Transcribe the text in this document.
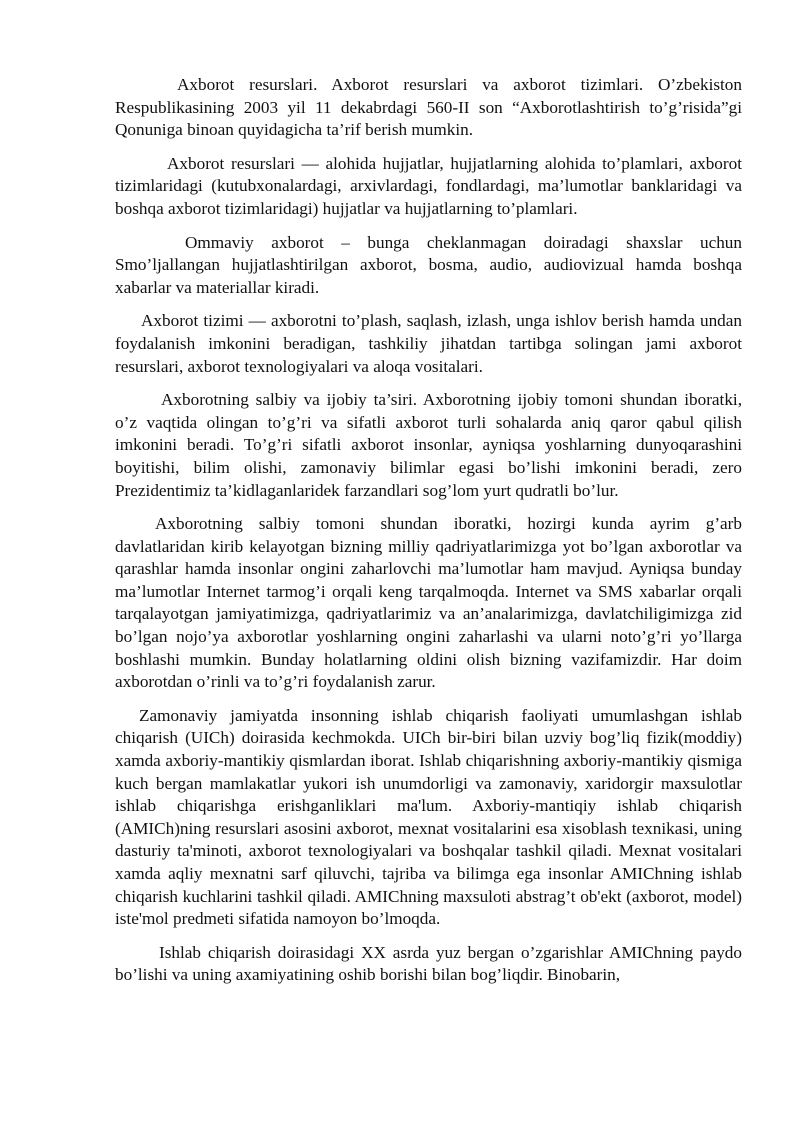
Axborot resurslari. Axborot resurslari va axborot tizimlari. O’zbekiston Respublikasining 2003 yil 11 dekabrdagi 560-II son “Axborotlashtirish to’g’risida”gi Qonuniga binoan quyidagicha ta’rif berish mumkin.

Axborot resurslari — alohida hujjatlar, hujjatlarning alohida to’plamlari, axborot tizimlaridagi (kutubxonalardagi, arxivlardagi, fondlardagi, ma’lumotlar banklaridagi va boshqa axborot tizimlaridagi) hujjatlar va hujjatlarning to’plamlari.

Ommaviy axborot – bunga cheklanmagan doiradagi shaxslar uchun Smo’ljallangan hujjatlashtirilgan axborot, bosma, audio, audiovizual hamda boshqa xabarlar va materiallar kiradi.

Axborot tizimi — axborotni to’plash, saqlash, izlash, unga ishlov berish hamda undan foydalanish imkonini beradigan, tashkiliy jihatdan tartibga solingan jami axborot resurslari, axborot texnologiyalari va aloqa vositalari.

Axborotning salbiy va ijobiy ta’siri. Axborotning ijobiy tomoni shundan iboratki, o’z vaqtida olingan to’g’ri va sifatli axborot turli sohalarda aniq qaror qabul qilish imkonini beradi. To’g’ri sifatli axborot insonlar, ayniqsa yoshlarning dunyoqarashini boyitishi, bilim olishi, zamonaviy bilimlar egasi bo’lishi imkonini beradi, zero Prezidentimiz ta’kidlaganlaridek farzandlari sog’lom yurt qudratli bo’lur.

Axborotning salbiy tomoni shundan iboratki, hozirgi kunda ayrim g’arb davlatlaridan kirib kelayotgan bizning milliy qadriyatlarimizga yot bo’lgan axborotlar va qarashlar hamda insonlar ongini zaharlovchi ma’lumotlar ham mavjud. Ayniqsa bunday ma’lumotlar Internet tarmog’i orqali keng tarqalmoqda. Internet va SMS xabarlar orqali tarqalayotgan jamiyatimizga, qadriyatlarimiz va an’analarimizga, davlatchiligimizga zid bo’lgan nojo’ya axborotlar yoshlarning ongini zaharlashi va ularni noto’g’ri yo’llarga boshlashi mumkin. Bunday holatlarning oldini olish bizning vazifamizdir. Har doim axborotdan o’rinli va to’g’ri foydalanish zarur.

Zamonaviy jamiyatda insonning ishlab chiqarish faoliyati umumlashgan ishlab chiqarish (UICh) doirasida kechmokda. UICh bir-biri bilan uzviy bog’liq fizik(moddiy) xamda axboriy-mantikiy qismlardan iborat. Ishlab chiqarishning axboriy-mantikiy qismiga kuch bergan mamlakatlar yukori ish unumdorligi va zamonaviy, xaridorgir maxsulotlar ishlab chiqarishga erishganliklari ma'lum. Axboriy-mantiqiy ishlab chiqarish (AMICh)ning resurslari asosini axborot, mexnat vositalarini esa xisoblash texnikasi, uning dasturiy ta'minoti, axborot texnologiyalari va boshqalar tashkil qiladi. Mexnat vositalari xamda aqliy mexnatni sarf qiluvchi, tajriba va bilimga ega insonlar AMIChning ishlab chiqarish kuchlarini tashkil qiladi. AMIChning maxsuloti abstrag’t ob'ekt (axborot, model) iste'mol predmeti sifatida namoyon bo’lmoqda.

Ishlab chiqarish doirasidagi XX asrda yuz bergan o’zgarishlar AMIChning paydo bo’lishi va uning axamiyatining oshib borishi bilan bog’liqdir. Binobarin,
